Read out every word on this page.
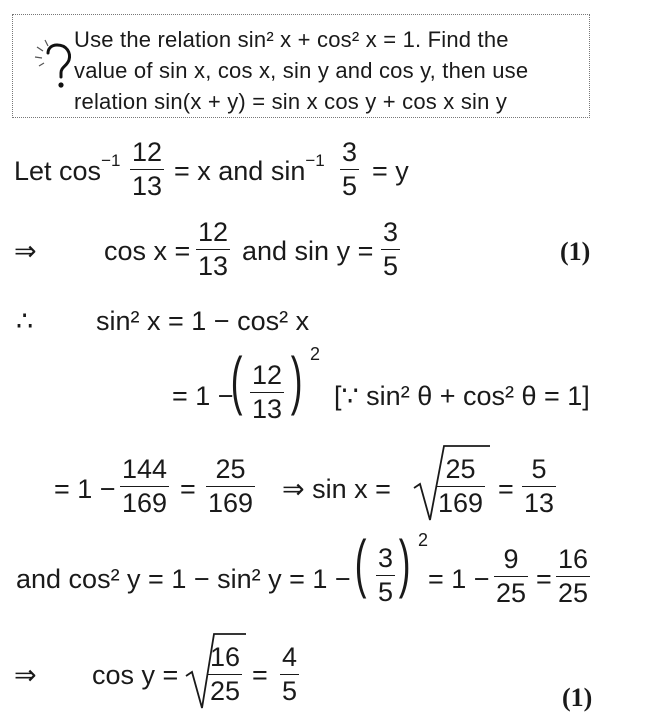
Use the relation sin² x + cos² x = 1. Find the
value of sin x, cos x, sin y and cos y, then use
relation sin(x + y) = sin x cos y + cos x sin y
Let $\cos^{-1} \frac{12}{13} = x$ and $\sin^{-1} \frac{3}{5} = y$
⇒ $\cos x = \frac{12}{13}$ and $\sin y = \frac{3}{5}$	(1)
∴ sin² x = 1 − cos² x
= 1 −
( $\frac{12}{13}$ ) 2
[∵ sin² θ + cos² θ = 1]
= $1 - \frac{144}{169} = \frac{25}{169}$ ⇒ $\sin x = \frac{25}{169} = \frac{5}{13}$
and cos² y = 1 − sin² y = 1 − ( $\frac{3}{5}$ ) 2
= $1 - \frac{9}{25} = \frac{16}{25}$
⇒ $\cos y = \frac{16}{25} = \frac{4}{5}$	(1)
